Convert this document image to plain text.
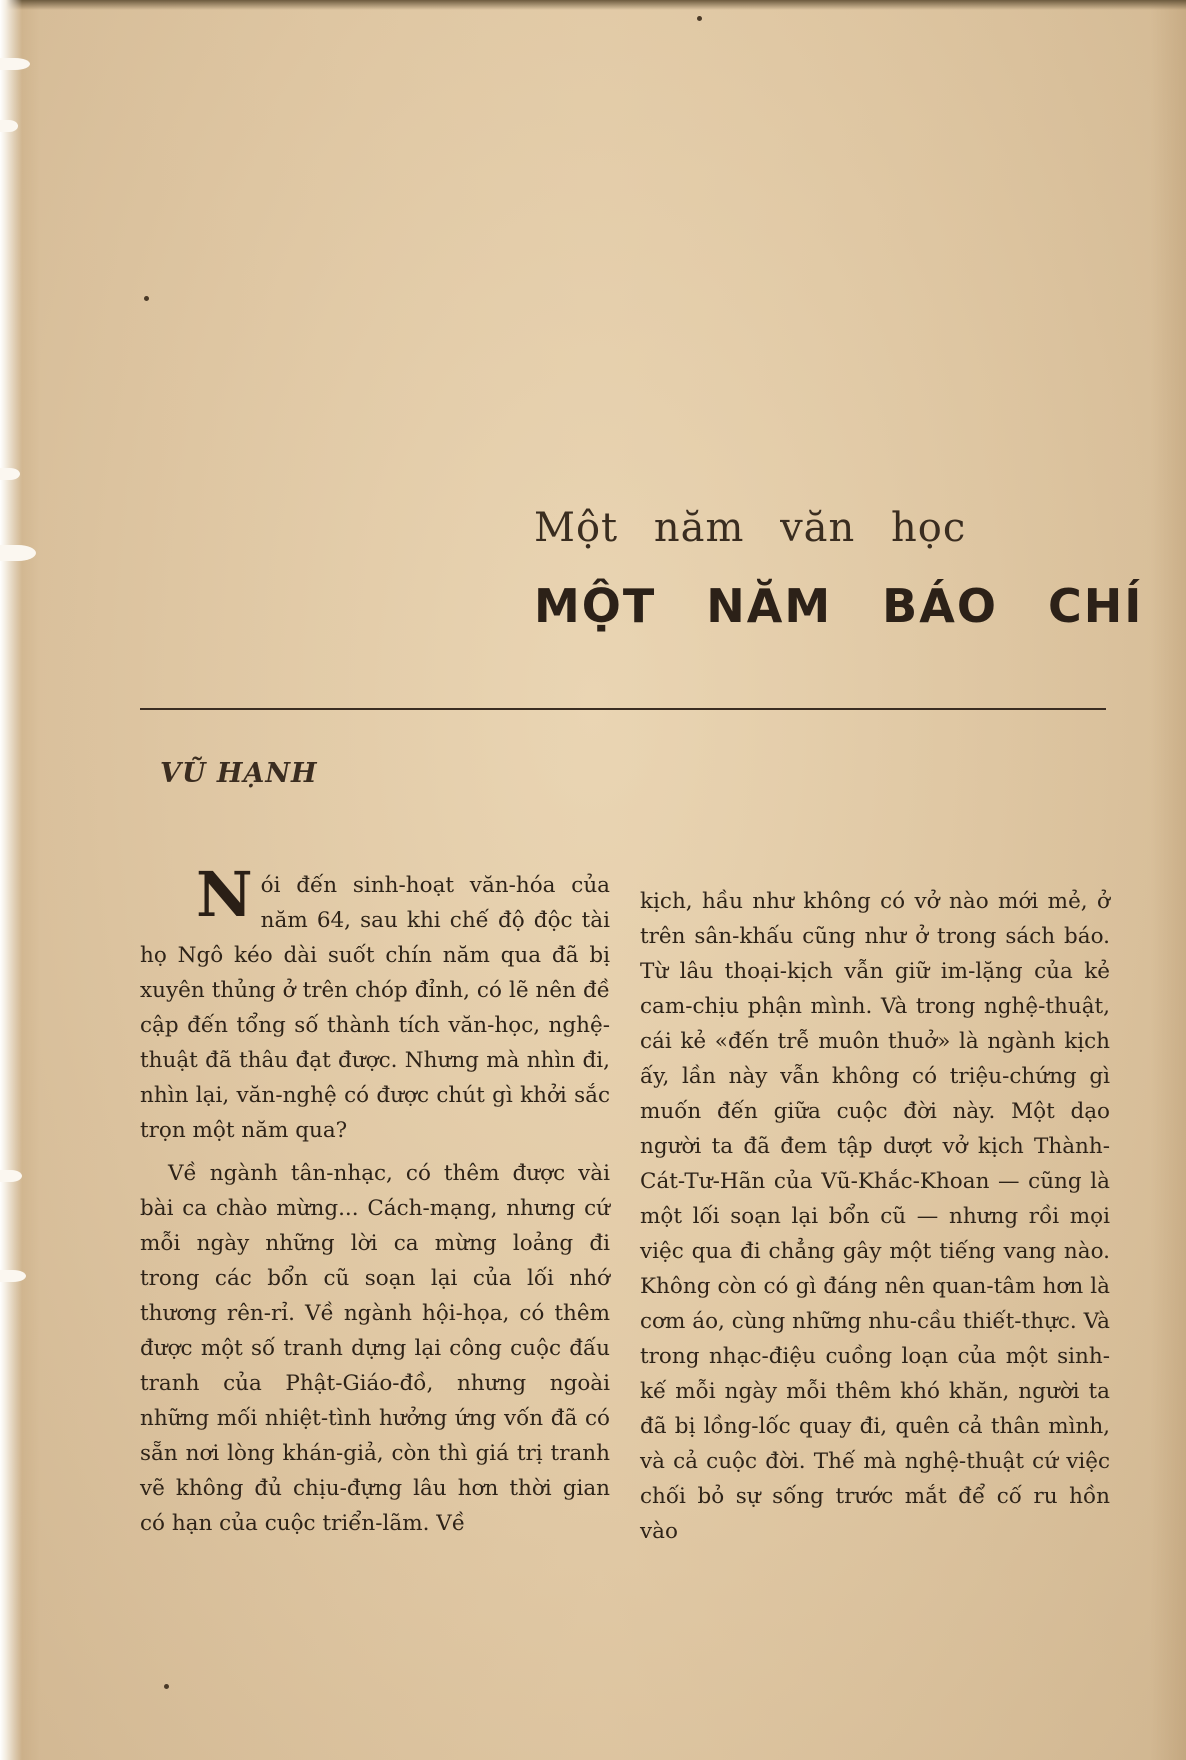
Một năm văn học
MỘT NĂM BÁO CHÍ
VŨ HẠNH

Nói đến sinh-hoạt văn-hóa của năm 64, sau khi chế độ độc tài họ Ngô kéo dài suốt chín năm qua đã bị xuyên thủng ở trên chóp đỉnh, có lẽ nên đề cập đến tổng số thành tích văn-học, nghệ-thuật đã thâu đạt được. Nhưng mà nhìn đi, nhìn lại, văn-nghệ có được chút gì khởi sắc trọn một năm qua?

Về ngành tân-nhạc, có thêm được vài bài ca chào mừng... Cách-mạng, nhưng cứ mỗi ngày những lời ca mừng loảng đi trong các bổn cũ soạn lại của lối nhớ thương rên-rỉ. Về ngành hội-họa, có thêm được một số tranh dựng lại công cuộc đấu tranh của Phật-Giáo-đồ, nhưng ngoài những mối nhiệt-tình hưởng ứng vốn đã có sẵn nơi lòng khán-giả, còn thì giá trị tranh vẽ không đủ chịu-đựng lâu hơn thời gian có hạn của cuộc triển-lãm. Về

kịch, hầu như không có vở nào mới mẻ, ở trên sân-khấu cũng như ở trong sách báo. Từ lâu thoại-kịch vẫn giữ im-lặng của kẻ cam-chịu phận mình. Và trong nghệ-thuật, cái kẻ «đến trễ muôn thuở» là ngành kịch ấy, lần này vẫn không có triệu-chứng gì muốn đến giữa cuộc đời này. Một dạo người ta đã đem tập dượt vở kịch Thành-Cát-Tư-Hãn của Vũ-Khắc-Khoan — cũng là một lối soạn lại bổn cũ — nhưng rồi mọi việc qua đi chẳng gây một tiếng vang nào. Không còn có gì đáng nên quan-tâm hơn là cơm áo, cùng những nhu-cầu thiết-thực. Và trong nhạc-điệu cuồng loạn của một sinh-kế mỗi ngày mỗi thêm khó khăn, người ta đã bị lồng-lốc quay đi, quên cả thân mình, và cả cuộc đời. Thế mà nghệ-thuật cứ việc chối bỏ sự sống trước mắt để cố ru hồn vào
